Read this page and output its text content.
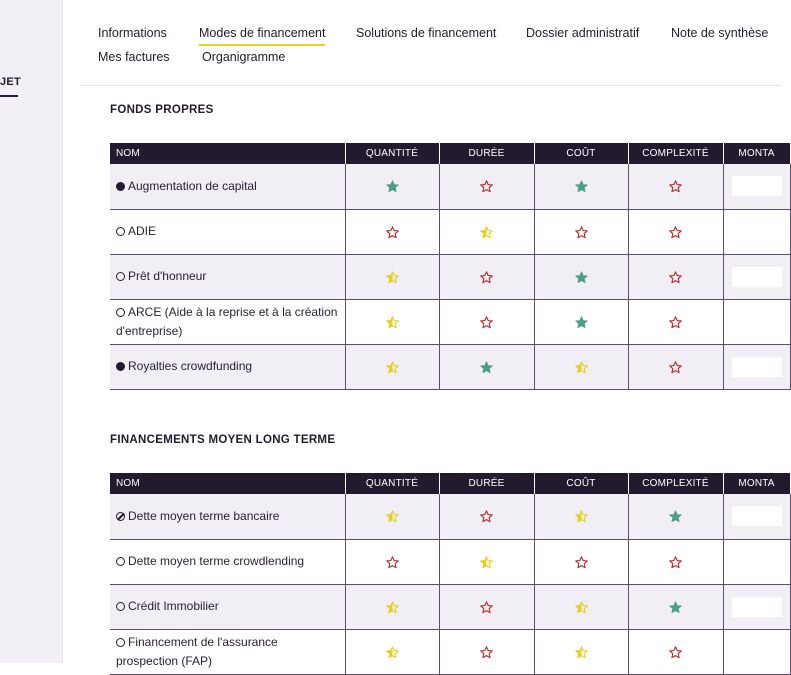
JET
Informations	Modes de financement Solutions de financement Dossier administratif	Note de synthèse
Mes factures	Organigramme
FONDS PROPRES
NOM	QUANTITÉ	DURÉE	COÛT	COMPLEXITÉ	MONTA
Augmentation de capital					

ADIE					
Prêt d'honneur					

ARCE (Aide à la reprise et à la création d'entreprise)					
Royalties crowdfunding					
FINANCEMENTS MOYEN LONG TERME
NOM	QUANTITÉ	DURÉE	COÛT	COMPLEXITÉ	MONTA
Dette moyen terme bancaire					

Dette moyen terme crowdlending					
Crédit Immobilier					

Financement de l'assurance prospection (FAP)					
